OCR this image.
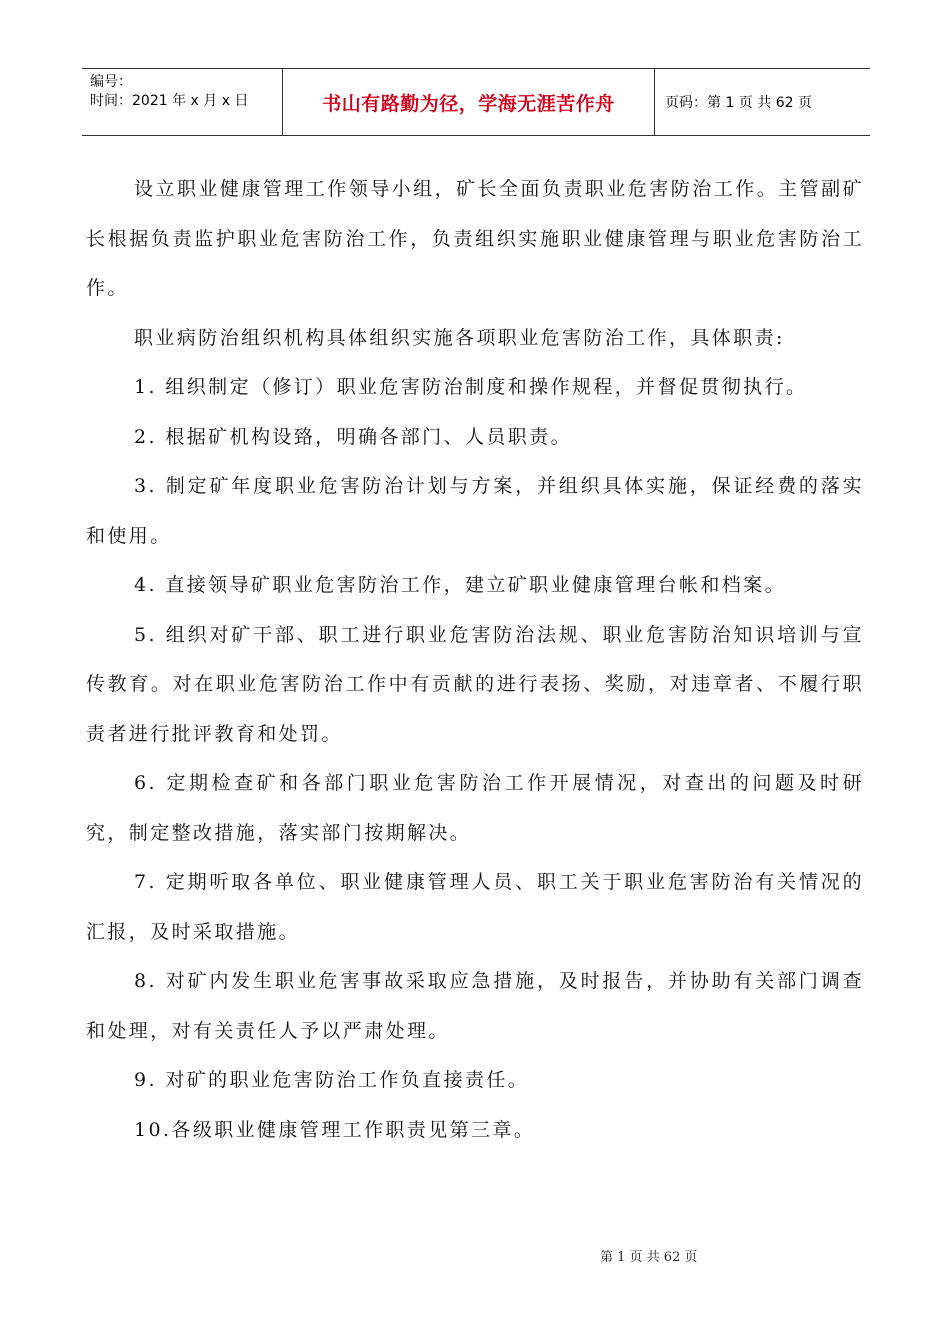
编号：
时间：2021 年 x 月 x 日	书山有路勤为径，学海无涯苦作舟	页码：第 1 页 共 62 页

设立职业健康管理工作领导小组，矿长全面负责职业危害防治工作。主管副矿长根据负责监护职业危害防治工作，负责组织实施职业健康管理与职业危害防治工作。

职业病防治组织机构具体组织实施各项职业危害防治工作，具体职责:

1. 组织制定（修订）职业危害防治制度和操作规程，并督促贯彻执行。

2. 根据矿机构设臵，明确各部门、人员职责。

3. 制定矿年度职业危害防治计划与方案，并组织具体实施，保证经费的落实和使用。

4. 直接领导矿职业危害防治工作，建立矿职业健康管理台帐和档案。

5. 组织对矿干部、职工进行职业危害防治法规、职业危害防治知识培训与宣传教育。对在职业危害防治工作中有贡献的进行表扬、奖励，对违章者、不履行职责者进行批评教育和处罚。

6. 定期检查矿和各部门职业危害防治工作开展情况，对查出的问题及时研究，制定整改措施，落实部门按期解决。

7. 定期听取各单位、职业健康管理人员、职工关于职业危害防治有关情况的汇报，及时采取措施。

8. 对矿内发生职业危害事故采取应急措施，及时报告，并协助有关部门调查和处理，对有关责任人予以严肃处理。

9. 对矿的职业危害防治工作负直接责任。

10.各级职业健康管理工作职责见第三章。

第 1 页 共 62 页
